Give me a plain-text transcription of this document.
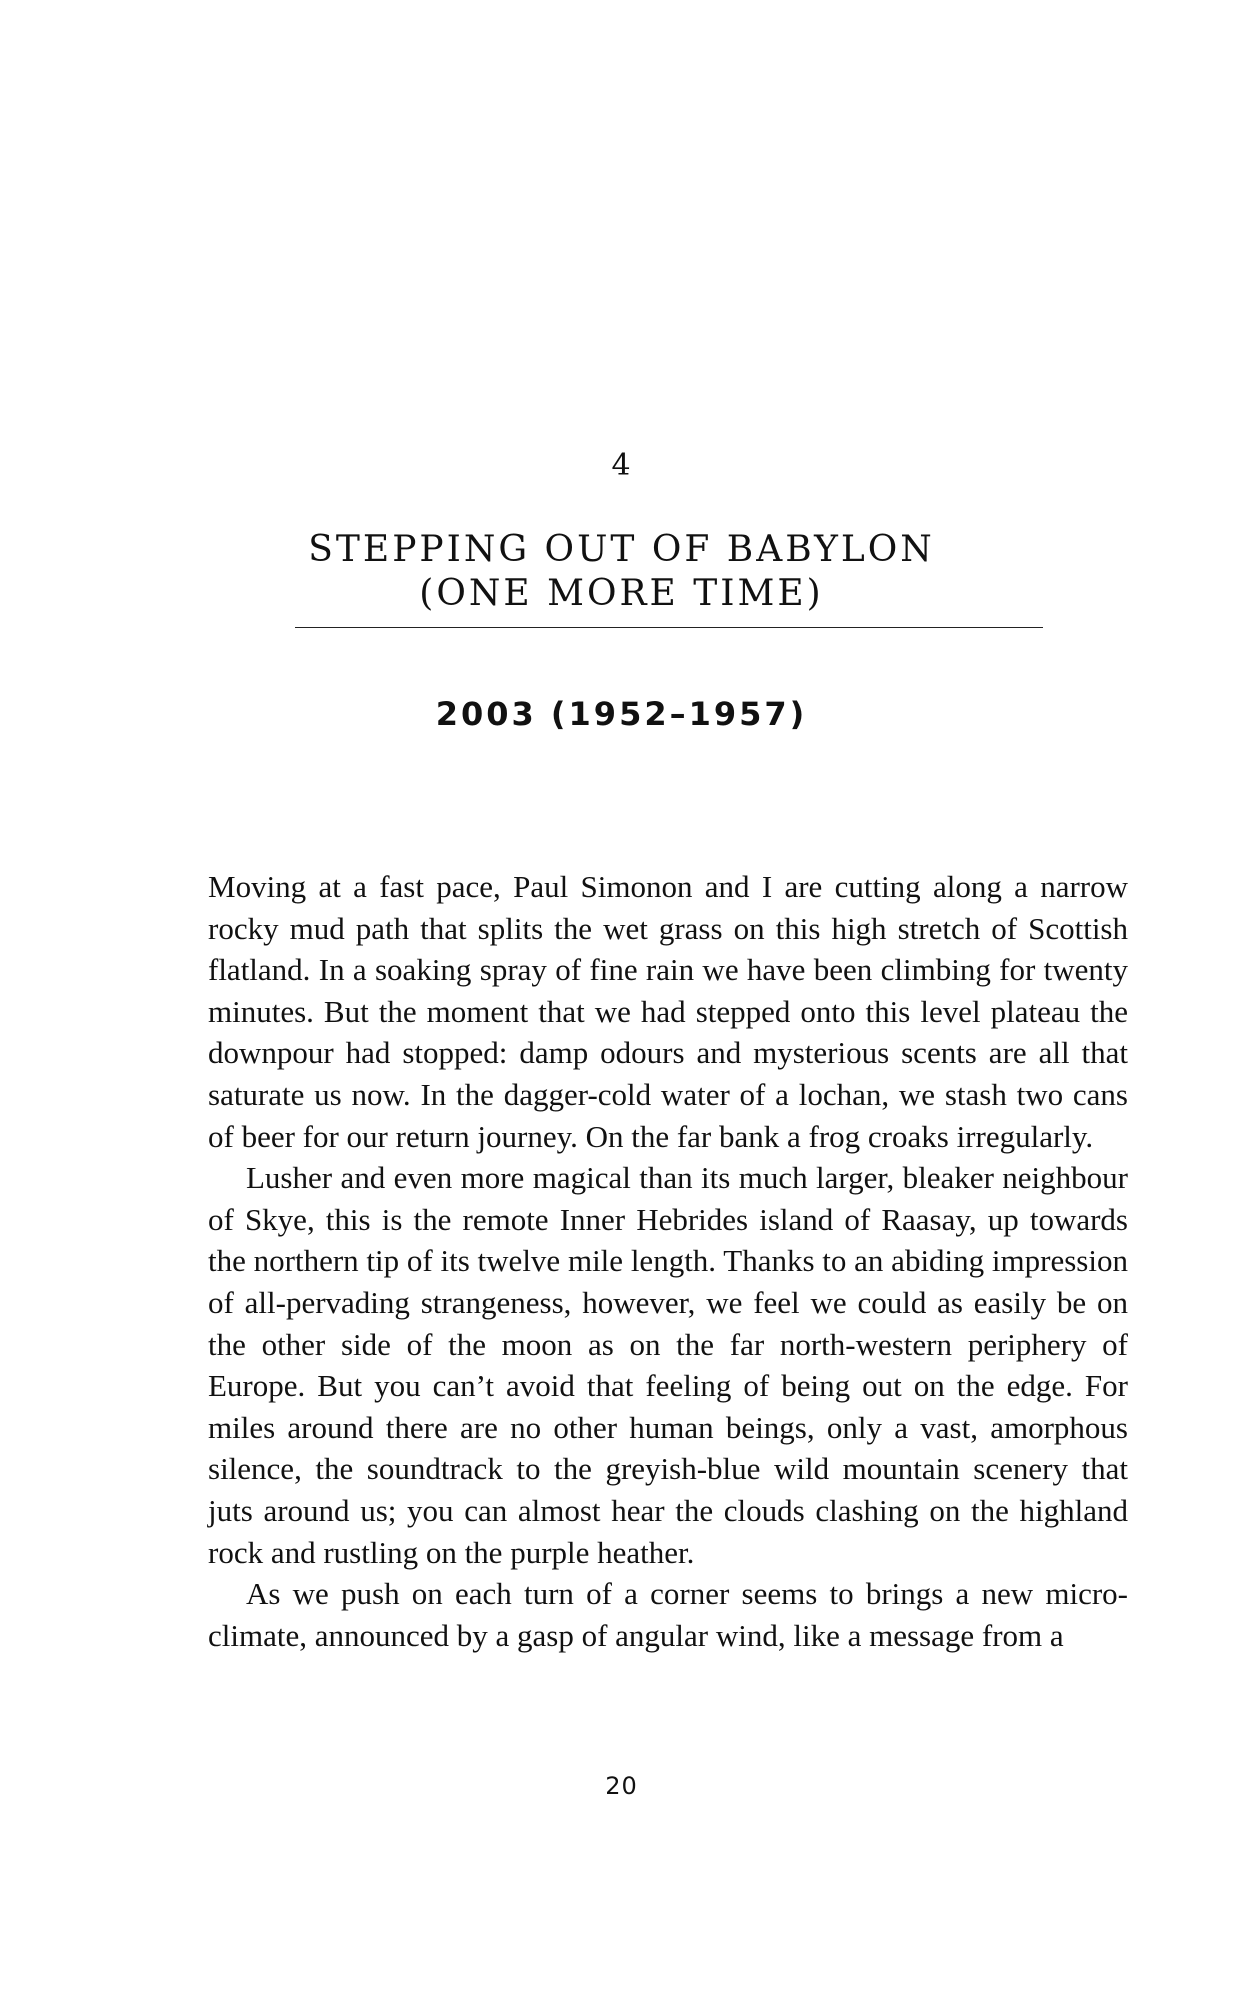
4
STEPPING OUT OF BABYLON
(ONE MORE TIME)
2003 (1952–1957)

Moving at a fast pace, Paul Simonon and I are cutting along a narrow rocky mud path that splits the wet grass on this high stretch of Scottish flatland. In a soaking spray of fine rain we have been climbing for twenty minutes. But the moment that we had stepped onto this level plateau the downpour had stopped: damp odours and mysterious scents are all that saturate us now. In the dagger-cold water of a lochan, we stash two cans of beer for our return journey. On the far bank a frog croaks irregularly.

Lusher and even more magical than its much larger, bleaker neighbour of Skye, this is the remote Inner Hebrides island of Raasay, up towards the northern tip of its twelve mile length. Thanks to an abiding impression of all-pervading strangeness, however, we feel we could as easily be on the other side of the moon as on the far north-western periphery of Europe. But you can’t avoid that feeling of being out on the edge. For miles around there are no other human beings, only a vast, amorphous silence, the soundtrack to the greyish-blue wild mountain scenery that juts around us; you can almost hear the clouds clashing on the highland rock and rustling on the purple heather.

As we push on each turn of a corner seems to brings a new microclimate, announced by a gasp of angular wind, like a message from a

20
